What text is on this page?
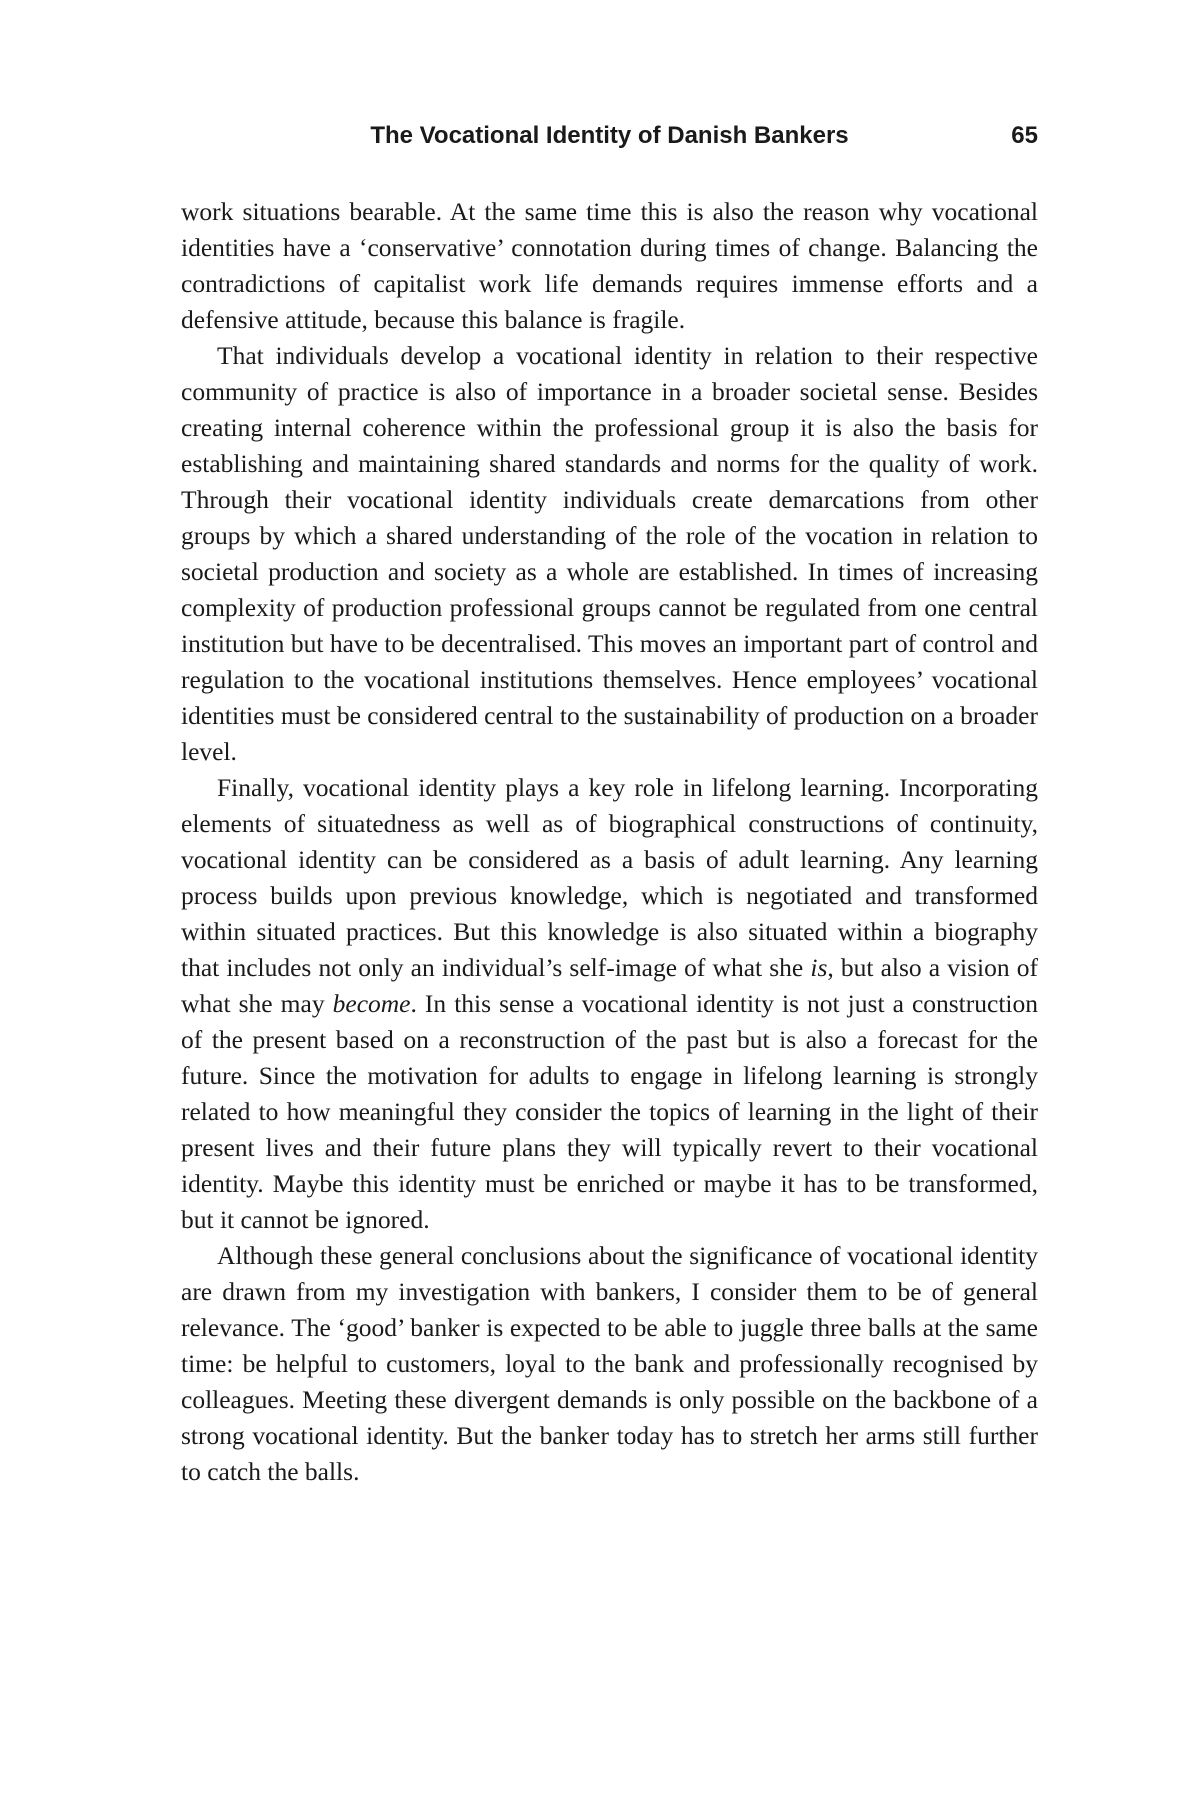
The Vocational Identity of Danish Bankers	65

work situations bearable. At the same time this is also the reason why vocational identities have a ‘conservative’ connotation during times of change. Balancing the contradictions of capitalist work life demands requires immense efforts and a defensive attitude, because this balance is fragile.

That individuals develop a vocational identity in relation to their respective community of practice is also of importance in a broader societal sense. Besides creating internal coherence within the professional group it is also the basis for establishing and maintaining shared standards and norms for the quality of work. Through their vocational identity individuals create demarcations from other groups by which a shared understanding of the role of the vocation in relation to societal production and society as a whole are established. In times of increasing complexity of production professional groups cannot be regulated from one central institution but have to be decentralised. This moves an important part of control and regulation to the vocational institutions themselves. Hence employees’ vocational identities must be considered central to the sustainability of production on a broader level.

Finally, vocational identity plays a key role in lifelong learning. Incorporating elements of situatedness as well as of biographical constructions of continuity, vocational identity can be considered as a basis of adult learning. Any learning process builds upon previous knowledge, which is negotiated and transformed within situated practices. But this knowledge is also situated within a biography that includes not only an individual’s self-image of what she is, but also a vision of what she may become. In this sense a vocational identity is not just a construction of the present based on a reconstruction of the past but is also a forecast for the future. Since the motivation for adults to engage in lifelong learning is strongly related to how meaningful they consider the topics of learning in the light of their present lives and their future plans they will typically revert to their vocational identity. Maybe this identity must be enriched or maybe it has to be transformed, but it cannot be ignored.

Although these general conclusions about the significance of vocational identity are drawn from my investigation with bankers, I consider them to be of general relevance. The ‘good’ banker is expected to be able to juggle three balls at the same time: be helpful to customers, loyal to the bank and professionally recognised by colleagues. Meeting these divergent demands is only possible on the backbone of a strong vocational identity. But the banker today has to stretch her arms still further to catch the balls.
